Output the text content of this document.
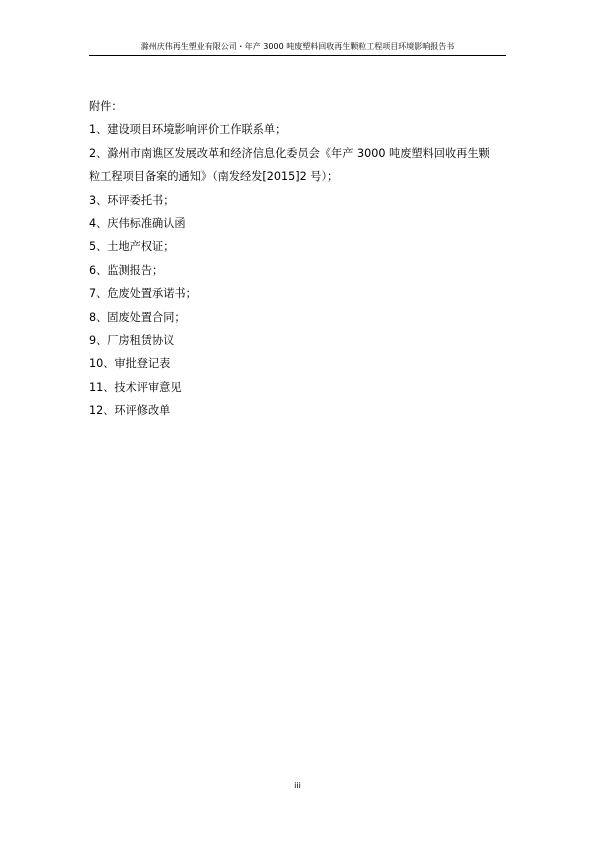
滁州庆伟再生塑业有限公司・年产 3000 吨废塑料回收再生颗粒工程项目环境影响报告书
附件：
1、建设项目环境影响评价工作联系单；
2、滁州市南谯区发展改革和经济信息化委员会《年产 3000 吨废塑料回收再生颗
粒工程项目备案的通知》（南发经发[2015]2 号）；
3、环评委托书；
4、庆伟标准确认函
5、土地产权证；
6、监测报告；
7、危废处置承诺书；
8、固废处置合同；
9、厂房租赁协议
10、审批登记表
11、技术评审意见
12、环评修改单
iii
